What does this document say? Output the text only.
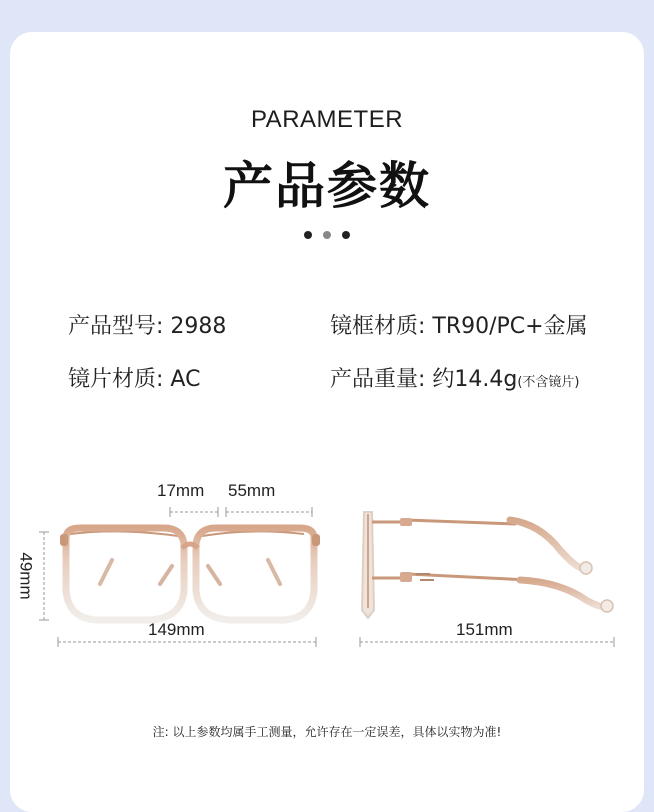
PARAMETER
产品参数

产品型号: 2988	镜框材质: TR90/PC+金属
镜片材质: AC	产品重量: 约14.4g(不含镜片)
17mm 55mm
49mm
149mm	151mm
注: 以上参数均属手工测量，允许存在一定误差，具体以实物为准!
